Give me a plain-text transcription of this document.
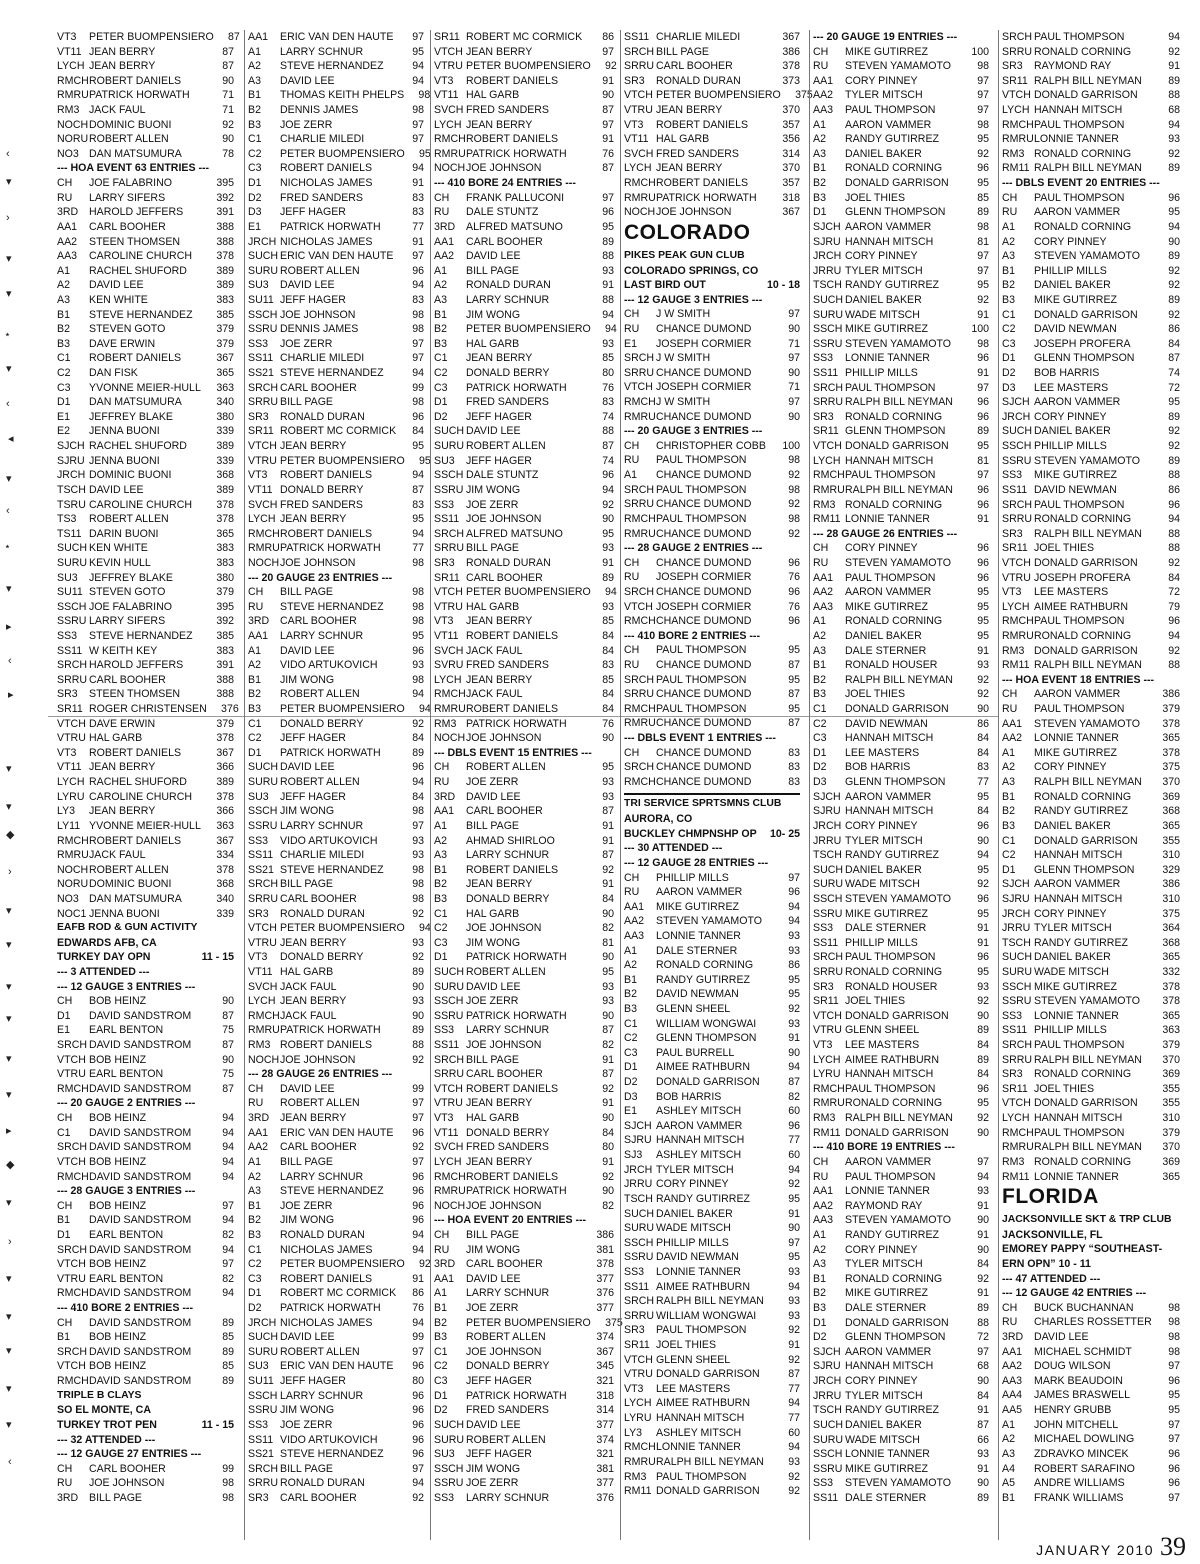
‹
▾
›
▾
▾
⋆
▾
‹
◂
▾
‹
⋆
▾
▸
‹
▸
▾
▾
◆
›
▾
▾
▾
▾
▾
▾
▸
◆
▾
›
▾
▾
▾
▾
▾
‹
VT3	PETER BUOMPENSIERO	87
VT11 JEAN BERRY	87
LYCH JEAN BERRY	87
RMCH ROBERT DANIELS	90
RMRU PATRICK HORWATH	71
RM3 JACK FAUL	71
NOCH DOMINIC BUONI	92
NORU ROBERT ALLEN	90
NO3 DAN MATSUMURA	78
--- HOA EVENT 63 ENTRIES ---
CH	JOE FALABRINO	395
RU	LARRY SIFERS	392
3RD	HAROLD JEFFERS	391
AA1	CARL BOOHER	388
AA2	STEEN THOMSEN	388
AA3	CAROLINE CHURCH	378
A1	RACHEL SHUFORD	389
A2	DAVID LEE	389
A3	KEN WHITE	383
B1	STEVE HERNANDEZ	385
B2	STEVEN GOTO	379
B3	DAVE ERWIN	379
C1	ROBERT DANIELS	367
C2	DAN FISK	365
C3	YVONNE MEIER-HULL	363
D1	DAN MATSUMURA	340
E1	JEFFREY BLAKE	380
E2	JENNA BUONI	339
SJCH RACHEL SHUFORD	389
SJRU JENNA BUONI	339
JRCH DOMINIC BUONI	368
TSCH DAVID LEE	389
TSRU CAROLINE CHURCH	378
TS3	ROBERT ALLEN	378
TS11 DARIN BUONI	365
SUCH KEN WHITE	383
SURU KEVIN HULL	383
SU3	JEFFREY BLAKE	380
SU11 STEVEN GOTO	379
SSCH JOE FALABRINO	395
SSRU LARRY SIFERS	392
SS3	STEVE HERNANDEZ	385
SS11 W KEITH KEY	383
SRCH HAROLD JEFFERS	391
SRRU CARL BOOHER	388
SR3	STEEN THOMSEN	388
SR11 ROGER CHRISTENSEN	376
VTCH DAVE ERWIN	379
VTRU HAL GARB	378
VT3	ROBERT DANIELS	367
VT11 JEAN BERRY	366
LYCH RACHEL SHUFORD	389
LYRU CAROLINE CHURCH	378
LY3	JEAN BERRY	366
LY11 YVONNE MEIER-HULL	363
RMCH ROBERT DANIELS	367
RMRU JACK FAUL	334
NOCH ROBERT ALLEN	378
NORU DOMINIC BUONI	368
NO3 DAN MATSUMURA	340
NOC1 JENNA BUONI	339
EAFB ROD & GUN ACTIVITY
EDWARDS AFB, CA
TURKEY DAY OPN	11 - 15
--- 3 ATTENDED ---
--- 12 GAUGE 3 ENTRIES ---
CH	BOB HEINZ	90
D1	DAVID SANDSTROM	87
E1	EARL BENTON	75
SRCH DAVID SANDSTROM	87
VTCH BOB HEINZ	90
VTRU EARL BENTON	75
RMCH DAVID SANDSTROM	87
--- 20 GAUGE 2 ENTRIES ---
CH	BOB HEINZ	94
C1	DAVID SANDSTROM	94
SRCH DAVID SANDSTROM	94
VTCH BOB HEINZ	94
RMCH DAVID SANDSTROM	94
--- 28 GAUGE 3 ENTRIES ---
CH	BOB HEINZ	97
B1	DAVID SANDSTROM	94
D1	EARL BENTON	82
SRCH DAVID SANDSTROM	94
VTCH BOB HEINZ	97
VTRU EARL BENTON	82
RMCH DAVID SANDSTROM	94
--- 410 BORE 2 ENTRIES ---
CH	DAVID SANDSTROM	89
B1	BOB HEINZ	85
SRCH DAVID SANDSTROM	89
VTCH BOB HEINZ	85
RMCH DAVID SANDSTROM	89
TRIPLE B CLAYS
SO EL MONTE, CA
TURKEY TROT PEN	11 - 15
--- 32 ATTENDED ---
--- 12 GAUGE 27 ENTRIES ---
CH	CARL BOOHER	99
RU	JOE JOHNSON	98
3RD	BILL PAGE	98
AA1	ERIC VAN DEN HAUTE	97
A1	LARRY SCHNUR	95
A2	STEVE HERNANDEZ	94
A3	DAVID LEE	94
B1	THOMAS KEITH PHELPS	98
B2	DENNIS JAMES	98
B3	JOE ZERR	97
C1	CHARLIE MILEDI	97
C2	PETER BUOMPENSIERO	95
C3	ROBERT DANIELS	94
D1	NICHOLAS JAMES	91
D2	FRED SANDERS	83
D3	JEFF HAGER	83
E1	PATRICK HORWATH	77
JRCH NICHOLAS JAMES	91
SUCH ERIC VAN DEN HAUTE	97
SURU ROBERT ALLEN	96
SU3	DAVID LEE	94
SU11 JEFF HAGER	83
SSCH JOE JOHNSON	98
SSRU DENNIS JAMES	98
SS3	JOE ZERR	97
SS11 CHARLIE MILEDI	97
SS21 STEVE HERNANDEZ	94
SRCH CARL BOOHER	99
SRRU BILL PAGE	98
SR3	RONALD DURAN	96
SR11 ROBERT MC CORMICK	84
VTCH JEAN BERRY	95
VTRU PETER BUOMPENSIERO	95
VT3	ROBERT DANIELS	94
VT11 DONALD BERRY	87
SVCH FRED SANDERS	83
LYCH JEAN BERRY	95
RMCH ROBERT DANIELS	94
RMRU PATRICK HORWATH	77
NOCH JOE JOHNSON	98
--- 20 GAUGE 23 ENTRIES ---
CH	BILL PAGE	98
RU	STEVE HERNANDEZ	98
3RD	CARL BOOHER	98
AA1	LARRY SCHNUR	95
A1	DAVID LEE	96
A2	VIDO ARTUKOVICH	93
B1	JIM WONG	98
B2	ROBERT ALLEN	94
B3	PETER BUOMPENSIERO	94
C1	DONALD BERRY	92
C2	JEFF HAGER	84
D1	PATRICK HORWATH	89
SUCH DAVID LEE	96
SURU ROBERT ALLEN	94
SU3	JEFF HAGER	84
SSCH JIM WONG	98
SSRU LARRY SCHNUR	97
SS3	VIDO ARTUKOVICH	93
SS11 CHARLIE MILEDI	93
SS21 STEVE HERNANDEZ	98
SRCH BILL PAGE	98
SRRU CARL BOOHER	98
SR3	RONALD DURAN	92
VTCH PETER BUOMPENSIERO	94
VTRU JEAN BERRY	93
VT3	DONALD BERRY	92
VT11 HAL GARB	89
SVCH JACK FAUL	90
LYCH JEAN BERRY	93
RMCH JACK FAUL	90
RMRU PATRICK HORWATH	89
RM3 ROBERT DANIELS	88
NOCH JOE JOHNSON	92
--- 28 GAUGE 26 ENTRIES ---
CH	DAVID LEE	99
RU	ROBERT ALLEN	97
3RD	JEAN BERRY	97
AA1	ERIC VAN DEN HAUTE	96
AA2	CARL BOOHER	92
A1	BILL PAGE	97
A2	LARRY SCHNUR	96
A3	STEVE HERNANDEZ	96
B1	JOE ZERR	96
B2	JIM WONG	96
B3	RONALD DURAN	94
C1	NICHOLAS JAMES	94
C2	PETER BUOMPENSIERO	92
C3	ROBERT DANIELS	91
D1	ROBERT MC CORMICK	86
D2	PATRICK HORWATH	76
JRCH NICHOLAS JAMES	94
SUCH DAVID LEE	99
SURU ROBERT ALLEN	97
SU3	ERIC VAN DEN HAUTE	96
SU11 JEFF HAGER	80
SSCH LARRY SCHNUR	96
SSRU JIM WONG	96
SS3	JOE ZERR	96
SS11 VIDO ARTUKOVICH	96
SS21 STEVE HERNANDEZ	96
SRCH BILL PAGE	97
SRRU RONALD DURAN	94
SR3	CARL BOOHER	92
SR11 ROBERT MC CORMICK	86
VTCH JEAN BERRY	97
VTRU PETER BUOMPENSIERO	92
VT3	ROBERT DANIELS	91
VT11 HAL GARB	90
SVCH FRED SANDERS	87
LYCH JEAN BERRY	97
RMCH ROBERT DANIELS	91
RMRU PATRICK HORWATH	76
NOCH JOE JOHNSON	87
--- 410 BORE 24 ENTRIES ---
CH	FRANK PALLUCONI	97
RU	DALE STUNTZ	96
3RD	ALFRED MATSUNO	95
AA1	CARL BOOHER	89
AA2	DAVID LEE	88
A1	BILL PAGE	93
A2	RONALD DURAN	91
A3	LARRY SCHNUR	88
B1	JIM WONG	94
B2	PETER BUOMPENSIERO	94
B3	HAL GARB	93
C1	JEAN BERRY	85
C2	DONALD BERRY	80
C3	PATRICK HORWATH	76
D1	FRED SANDERS	83
D2	JEFF HAGER	74
SUCH DAVID LEE	88
SURU ROBERT ALLEN	87
SU3	JEFF HAGER	74
SSCH DALE STUNTZ	96
SSRU JIM WONG	94
SS3	JOE ZERR	92
SS11 JOE JOHNSON	90
SRCH ALFRED MATSUNO	95
SRRU BILL PAGE	93
SR3	RONALD DURAN	91
SR11 CARL BOOHER	89
VTCH PETER BUOMPENSIERO	94
VTRU HAL GARB	93
VT3	JEAN BERRY	85
VT11 ROBERT DANIELS	84
SVCH JACK FAUL	84
SVRU FRED SANDERS	83
LYCH JEAN BERRY	85
RMCH JACK FAUL	84
RMRU ROBERT DANIELS	84
RM3 PATRICK HORWATH	76
NOCH JOE JOHNSON	90
--- DBLS EVENT 15 ENTRIES ---
CH	ROBERT ALLEN	95
RU	JOE ZERR	93
3RD	DAVID LEE	93
AA1	CARL BOOHER	87
A1	BILL PAGE	91
A2	AHMAD SHIRLOO	91
A3	LARRY SCHNUR	87
B1	ROBERT DANIELS	92
B2	JEAN BERRY	91
B3	DONALD BERRY	84
C1	HAL GARB	90
C2	JOE JOHNSON	82
C3	JIM WONG	81
D1	PATRICK HORWATH	90
SUCH ROBERT ALLEN	95
SURU DAVID LEE	93
SSCH JOE ZERR	93
SSRU PATRICK HORWATH	90
SS3	LARRY SCHNUR	87
SS11 JOE JOHNSON	82
SRCH BILL PAGE	91
SRRU CARL BOOHER	87
VTCH ROBERT DANIELS	92
VTRU JEAN BERRY	91
VT3	HAL GARB	90
VT11 DONALD BERRY	84
SVCH FRED SANDERS	80
LYCH JEAN BERRY	91
RMCH ROBERT DANIELS	92
RMRU PATRICK HORWATH	90
NOCH JOE JOHNSON	82
--- HOA EVENT 20 ENTRIES ---
CH	BILL PAGE	386
RU	JIM WONG	381
3RD	CARL BOOHER	378
AA1	DAVID LEE	377
A1	LARRY SCHNUR	376
B1	JOE ZERR	377
B2	PETER BUOMPENSIERO	375
B3	ROBERT ALLEN	374
C1	JOE JOHNSON	367
C2	DONALD BERRY	345
C3	JEFF HAGER	321
D1	PATRICK HORWATH	318
D2	FRED SANDERS	314
SUCH DAVID LEE	377
SURU ROBERT ALLEN	374
SU3	JEFF HAGER	321
SSCH JIM WONG	381
SSRU JOE ZERR	377
SS3	LARRY SCHNUR	376
SS11 CHARLIE MILEDI	367
SRCH BILL PAGE	386
SRRU CARL BOOHER	378
SR3	RONALD DURAN	373
VTCH PETER BUOMPENSIERO	375
VTRU JEAN BERRY	370
VT3	ROBERT DANIELS	357
VT11 HAL GARB	356
SVCH FRED SANDERS	314
LYCH JEAN BERRY	370
RMCH ROBERT DANIELS	357
RMRU PATRICK HORWATH	318
NOCH JOE JOHNSON	367
COLORADO
PIKES PEAK GUN CLUB
COLORADO SPRINGS, CO
LAST BIRD OUT	10 - 18
--- 12 GAUGE 3 ENTRIES ---
CH	J W SMITH	97
RU	CHANCE DUMOND	90
E1	JOSEPH CORMIER	71
SRCH J W SMITH	97
SRRU CHANCE DUMOND	90
VTCH JOSEPH CORMIER	71
RMCH J W SMITH	97
RMRU CHANCE DUMOND	90
--- 20 GAUGE 3 ENTRIES ---
CH	CHRISTOPHER COBB	100
RU	PAUL THOMPSON	98
A1	CHANCE DUMOND	92
SRCH PAUL THOMPSON	98
SRRU CHANCE DUMOND	92
RMCH PAUL THOMPSON	98
RMRU CHANCE DUMOND	92
--- 28 GAUGE 2 ENTRIES ---
CH	CHANCE DUMOND	96
RU	JOSEPH CORMIER	76
SRCH CHANCE DUMOND	96
VTCH JOSEPH CORMIER	76
RMCH CHANCE DUMOND	96
--- 410 BORE 2 ENTRIES ---
CH	PAUL THOMPSON	95
RU	CHANCE DUMOND	87
SRCH PAUL THOMPSON	95
SRRU CHANCE DUMOND	87
RMCH PAUL THOMPSON	95
RMRU CHANCE DUMOND	87
--- DBLS EVENT 1 ENTRIES ---
CH	CHANCE DUMOND	83
SRCH CHANCE DUMOND	83
RMCH CHANCE DUMOND	83
TRI SERVICE SPRTSMNS CLUB
AURORA, CO
BUCKLEY CHMPNSHP OP	10- 25
--- 30 ATTENDED ---
--- 12 GAUGE 28 ENTRIES ---
CH	PHILLIP MILLS	97
RU	AARON VAMMER	96
AA1	MIKE GUTIRREZ	94
AA2	STEVEN YAMAMOTO	94
AA3	LONNIE TANNER	93
A1	DALE STERNER	93
A2	RONALD CORNING	86
B1	RANDY GUTIRREZ	95
B2	DAVID NEWMAN	95
B3	GLENN SHEEL	92
C1	WILLIAM WONGWAI	93
C2	GLENN THOMPSON	91
C3	PAUL BURRELL	90
D1	AIMEE RATHBURN	94
D2	DONALD GARRISON	87
D3	BOB HARRIS	82
E1	ASHLEY MITSCH	60
SJCH AARON VAMMER	96
SJRU HANNAH MITSCH	77
SJ3	ASHLEY MITSCH	60
JRCH TYLER MITSCH	94
JRRU CORY PINNEY	92
TSCH RANDY GUTIRREZ	95
SUCH DANIEL BAKER	91
SURU WADE MITSCH	90
SSCH PHILLIP MILLS	97
SSRU DAVID NEWMAN	95
SS3	LONNIE TANNER	93
SS11 AIMEE RATHBURN	94
SRCH RALPH BILL NEYMAN	93
SRRU WILLIAM WONGWAI	93
SR3	PAUL THOMPSON	92
SR11 JOEL THIES	91
VTCH GLENN SHEEL	92
VTRU DONALD GARRISON	87
VT3	LEE MASTERS	77
LYCH AIMEE RATHBURN	94
LYRU HANNAH MITSCH	77
LY3	ASHLEY MITSCH	60
RMCH LONNIE TANNER	94
RMRU RALPH BILL NEYMAN	93
RM3 PAUL THOMPSON	92
RM11 DONALD GARRISON	92
--- 20 GAUGE 19 ENTRIES ---
CH	MIKE GUTIRREZ	100
RU	STEVEN YAMAMOTO	98
AA1	CORY PINNEY	97
AA2	TYLER MITSCH	97
AA3	PAUL THOMPSON	97
A1	AARON VAMMER	98
A2	RANDY GUTIRREZ	95
A3	DANIEL BAKER	92
B1	RONALD CORNING	96
B2	DONALD GARRISON	95
B3	JOEL THIES	85
D1	GLENN THOMPSON	89
SJCH AARON VAMMER	98
SJRU HANNAH MITSCH	81
JRCH CORY PINNEY	97
JRRU TYLER MITSCH	97
TSCH RANDY GUTIRREZ	95
SUCH DANIEL BAKER	92
SURU WADE MITSCH	91
SSCH MIKE GUTIRREZ	100
SSRU STEVEN YAMAMOTO	98
SS3	LONNIE TANNER	96
SS11 PHILLIP MILLS	91
SRCH PAUL THOMPSON	97
SRRU RALPH BILL NEYMAN	96
SR3	RONALD CORNING	96
SR11 GLENN THOMPSON	89
VTCH DONALD GARRISON	95
LYCH HANNAH MITSCH	81
RMCH PAUL THOMPSON	97
RMRU RALPH BILL NEYMAN	96
RM3 RONALD CORNING	96
RM11 LONNIE TANNER	91
--- 28 GAUGE 26 ENTRIES ---
CH	CORY PINNEY	96
RU	STEVEN YAMAMOTO	96
AA1	PAUL THOMPSON	96
AA2	AARON VAMMER	95
AA3	MIKE GUTIRREZ	95
A1	RONALD CORNING	95
A2	DANIEL BAKER	95
A3	DALE STERNER	91
B1	RONALD HOUSER	93
B2	RALPH BILL NEYMAN	92
B3	JOEL THIES	92
C1	DONALD GARRISON	90
C2	DAVID NEWMAN	86
C3	HANNAH MITSCH	84
D1	LEE MASTERS	84
D2	BOB HARRIS	83
D3	GLENN THOMPSON	77
SJCH AARON VAMMER	95
SJRU HANNAH MITSCH	84
JRCH CORY PINNEY	96
JRRU TYLER MITSCH	90
TSCH RANDY GUTIRREZ	94
SUCH DANIEL BAKER	95
SURU WADE MITSCH	92
SSCH STEVEN YAMAMOTO	96
SSRU MIKE GUTIRREZ	95
SS3	DALE STERNER	91
SS11 PHILLIP MILLS	91
SRCH PAUL THOMPSON	96
SRRU RONALD CORNING	95
SR3	RONALD HOUSER	93
SR11 JOEL THIES	92
VTCH DONALD GARRISON	90
VTRU GLENN SHEEL	89
VT3	LEE MASTERS	84
LYCH AIMEE RATHBURN	89
LYRU HANNAH MITSCH	84
RMCH PAUL THOMPSON	96
RMRU RONALD CORNING	95
RM3 RALPH BILL NEYMAN	92
RM11 DONALD GARRISON	90
--- 410 BORE 19 ENTRIES ---
CH	AARON VAMMER	97
RU	PAUL THOMPSON	94
AA1	LONNIE TANNER	93
AA2	RAYMOND RAY	91
AA3	STEVEN YAMAMOTO	90
A1	RANDY GUTIRREZ	91
A2	CORY PINNEY	90
A3	TYLER MITSCH	84
B1	RONALD CORNING	92
B2	MIKE GUTIRREZ	91
B3	DALE STERNER	89
D1	DONALD GARRISON	88
D2	GLENN THOMPSON	72
SJCH AARON VAMMER	97
SJRU HANNAH MITSCH	68
JRCH CORY PINNEY	90
JRRU TYLER MITSCH	84
TSCH RANDY GUTIRREZ	91
SUCH DANIEL BAKER	87
SURU WADE MITSCH	66
SSCH LONNIE TANNER	93
SSRU MIKE GUTIRREZ	91
SS3	STEVEN YAMAMOTO	90
SS11 DALE STERNER	89
SRCH PAUL THOMPSON	94
SRRU RONALD CORNING	92
SR3	RAYMOND RAY	91
SR11 RALPH BILL NEYMAN	89
VTCH DONALD GARRISON	88
LYCH HANNAH MITSCH	68
RMCH PAUL THOMPSON	94
RMRU LONNIE TANNER	93
RM3 RONALD CORNING	92
RM11 RALPH BILL NEYMAN	89
--- DBLS EVENT 20 ENTRIES ---
CH	PAUL THOMPSON	96
RU	AARON VAMMER	95
A1	RONALD CORNING	94
A2	CORY PINNEY	90
A3	STEVEN YAMAMOTO	89
B1	PHILLIP MILLS	92
B2	DANIEL BAKER	92
B3	MIKE GUTIRREZ	89
C1	DONALD GARRISON	92
C2	DAVID NEWMAN	86
C3	JOSEPH PROFERA	84
D1	GLENN THOMPSON	87
D2	BOB HARRIS	74
D3	LEE MASTERS	72
SJCH AARON VAMMER	95
JRCH CORY PINNEY	89
SUCH DANIEL BAKER	92
SSCH PHILLIP MILLS	92
SSRU STEVEN YAMAMOTO	89
SS3	MIKE GUTIRREZ	88
SS11 DAVID NEWMAN	86
SRCH PAUL THOMPSON	96
SRRU RONALD CORNING	94
SR3	RALPH BILL NEYMAN	88
SR11 JOEL THIES	88
VTCH DONALD GARRISON	92
VTRU JOSEPH PROFERA	84
VT3	LEE MASTERS	72
LYCH AIMEE RATHBURN	79
RMCH PAUL THOMPSON	96
RMRU RONALD CORNING	94
RM3 DONALD GARRISON	92
RM11 RALPH BILL NEYMAN	88
--- HOA EVENT 18 ENTRIES ---
CH	AARON VAMMER	386
RU	PAUL THOMPSON	379
AA1	STEVEN YAMAMOTO	378
AA2	LONNIE TANNER	365
A1	MIKE GUTIRREZ	378
A2	CORY PINNEY	375
A3	RALPH BILL NEYMAN	370
B1	RONALD CORNING	369
B2	RANDY GUTIRREZ	368
B3	DANIEL BAKER	365
C1	DONALD GARRISON	355
C2	HANNAH MITSCH	310
D1	GLENN THOMPSON	329
SJCH AARON VAMMER	386
SJRU HANNAH MITSCH	310
JRCH CORY PINNEY	375
JRRU TYLER MITSCH	364
TSCH RANDY GUTIRREZ	368
SUCH DANIEL BAKER	365
SURU WADE MITSCH	332
SSCH MIKE GUTIRREZ	378
SSRU STEVEN YAMAMOTO	378
SS3	LONNIE TANNER	365
SS11 PHILLIP MILLS	363
SRCH PAUL THOMPSON	379
SRRU RALPH BILL NEYMAN	370
SR3	RONALD CORNING	369
SR11 JOEL THIES	355
VTCH DONALD GARRISON	355
LYCH HANNAH MITSCH	310
RMCH PAUL THOMPSON	379
RMRU RALPH BILL NEYMAN	370
RM3 RONALD CORNING	369
RM11 LONNIE TANNER	365
FLORIDA
JACKSONVILLE SKT & TRP CLUB
JACKSONVILLE, FL
EMOREY PAPPY “SOUTHEAST-
ERN OPN” 10 - 11
--- 47 ATTENDED ---
--- 12 GAUGE 42 ENTRIES ---
CH	BUCK BUCHANNAN	98
RU	CHARLES ROSSETTER	98
3RD	DAVID LEE	98
AA1	MICHAEL SCHMIDT	98
AA2	DOUG WILSON	97
AA3	MARK BEAUDOIN	96
AA4	JAMES BRASWELL	95
AA5	HENRY GRUBB	95
A1	JOHN MITCHELL	97
A2	MICHAEL DOWLING	97
A3	ZDRAVKO MINCEK	96
A4	ROBERT SARAFINO	96
A5	ANDRE WILLIAMS	96
B1	FRANK WILLIAMS	97
JANUARY 2010 39
